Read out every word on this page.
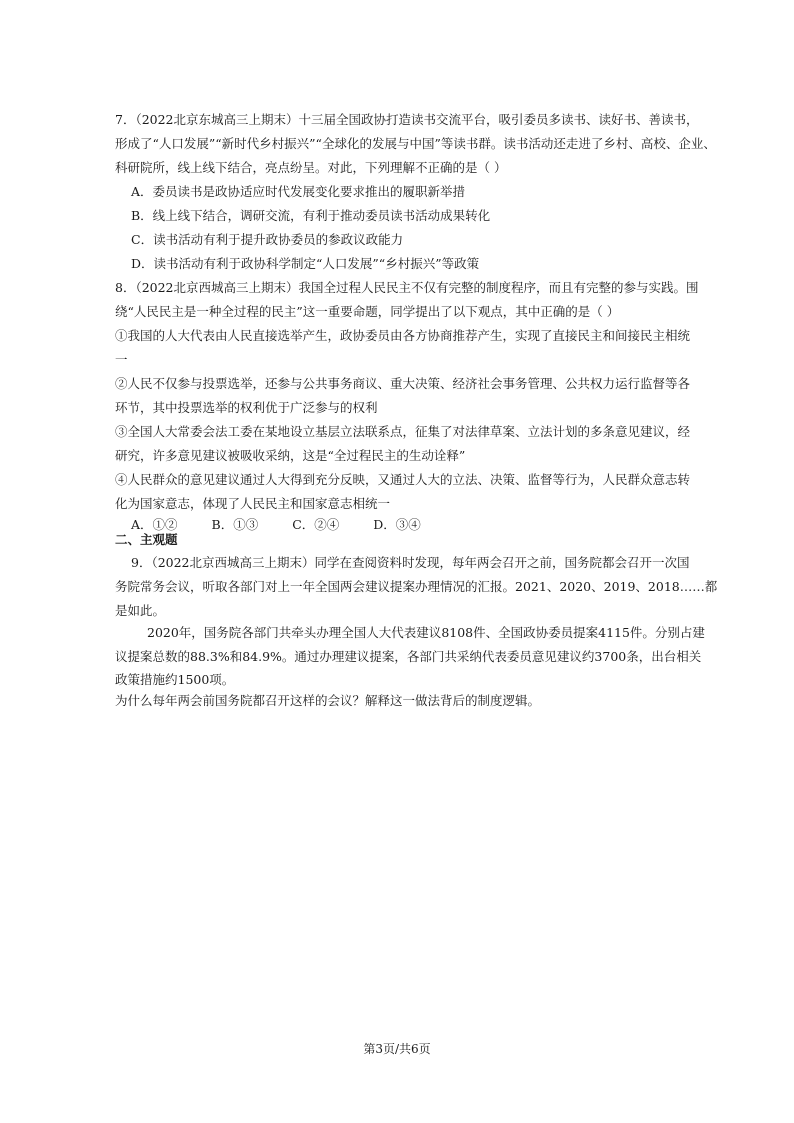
7．（2022北京东城高三上期末）十三届全国政协打造读书交流平台，吸引委员多读书、读好书、善读书，
形成了“人口发展”“新时代乡村振兴”“全球化的发展与中国”等读书群。读书活动还走进了乡村、高校、企业、
科研院所，线上线下结合，亮点纷呈。对此，下列理解不正确的是（ ）
A．委员读书是政协适应时代发展变化要求推出的履职新举措
B．线上线下结合，调研交流，有利于推动委员读书活动成果转化
C．读书活动有利于提升政协委员的参政议政能力
D．读书活动有利于政协科学制定“人口发展”“乡村振兴”等政策
8．（2022北京西城高三上期末）我国全过程人民民主不仅有完整的制度程序，而且有完整的参与实践。围
绕“人民民主是一种全过程的民主”这一重要命题，同学提出了以下观点，其中正确的是（ ）
①我国的人大代表由人民直接选举产生，政协委员由各方协商推荐产生，实现了直接民主和间接民主相统
一
②人民不仅参与投票选举，还参与公共事务商议、重大决策、经济社会事务管理、公共权力运行监督等各
环节，其中投票选举的权利优于广泛参与的权利
③全国人大常委会法工委在某地设立基层立法联系点，征集了对法律草案、立法计划的多条意见建议，经
研究，许多意见建议被吸收采纳，这是“全过程民主的生动诠释”
④人民群众的意见建议通过人大得到充分反映，又通过人大的立法、决策、监督等行为，人民群众意志转
化为国家意志，体现了人民民主和国家意志相统一
A．①②	B．①③	C．②④	D．③④
二、主观题
9．（2022北京西城高三上期末）同学在查阅资料时发现，每年两会召开之前，国务院都会召开一次国
务院常务会议，听取各部门对上一年全国两会建议提案办理情况的汇报。2021、2020、2019、2018……都
是如此。
2020年，国务院各部门共牵头办理全国人大代表建议8108件、全国政协委员提案4115件。分别占建
议提案总数的88.3%和84.9%。通过办理建议提案，各部门共采纳代表委员意见建议约3700条，出台相关
政策措施约1500项。
为什么每年两会前国务院都召开这样的会议？解释这一做法背后的制度逻辑。
第3页/共6页
